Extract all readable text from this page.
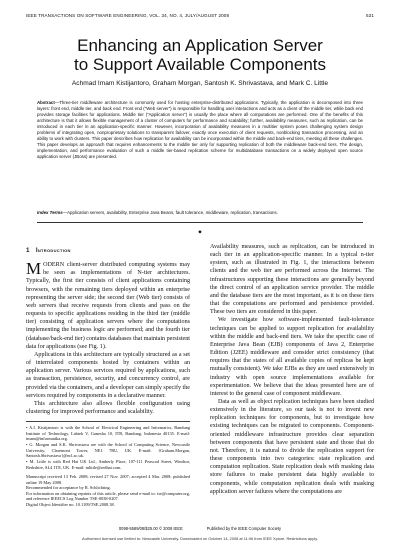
IEEE TRANSACTIONS ON SOFTWARE ENGINEERING, VOL. 34, NO. 4, JULY/AUGUST 2008	531
Enhancing an Application Server
to Support Available Components
Achmad Imam Kistijantoro, Graham Morgan, Santosh K. Shrivastava, and Mark C. Little
Abstract—Three-tier middleware architecture is commonly used for hosting enterprise-distributed applications. Typically, the application is decomposed into three layers: front end, middle tier, and back end. Front end (“Web server”) is responsible for handling user interactions and acts as a client of the middle tier, while back end provides storage facilities for applications. Middle tier (“Application server”) is usually the place where all computations are performed. One of the benefits of this architecture is that it allows flexible management of a cluster of computers for performance and scalability; further, availability measures, such as replication, can be introduced in each tier in an application-specific manner. However, incorporation of availability measures in a multitier system poses challenging system design problems of integrating open, nonproprietary solutions to transparent failover, exactly once execution of client requests, nonblocking transaction processing, and an ability to work with clusters. This paper describes how replication for availability can be incorporated within the middle and back-end tiers, meeting all these challenges. This paper develops an approach that requires enhancements to the middle tier only for supporting replication of both the middleware back-end tiers. The design, implementation, and performance evaluation of such a middle tier-based replication scheme for multidatabase transactions on a widely deployed open source application server (JBoss) are presented.
Index Terms—Application servers, availability, Enterprise Java Beans, fault tolerance, middleware, replication, transactions.
◆
1 Introduction

MODERN client-server distributed computing systems may be seen as implementations of N-tier architectures. Typically, the first tier consists of client applications containing browsers, with the remaining tiers deployed within an enterprise representing the server side; the second tier (Web tier) consists of web servers that receive requests from clients and pass on the requests to specific applications residing in the third tier (middle tier) consisting of application servers where the computations implementing the business logic are performed; and the fourth tier (database/back-end tier) contains databases that maintain persistent data for applications (see Fig. 1).

Applications in this architecture are typically structured as a set of interrelated components hosted by containers within an application server. Various services required by applications, such as transaction, persistence, security, and concurrency control, are provided via the containers, and a developer can simply specify the services required by components in a declarative manner.

This architecture also allows flexible configuration using clustering for improved performance and scalability.

• A.I. Kistijantoro is with the School of Electrical Engineering and Informatics, Bandung Institute of Technology, Labtek V, Ganesha 10, ITB, Bandung, Indonesia 40135. E-mail: imam@informatika.org.
• G. Morgan and S.K. Shrivastava are with the School of Computing Science, Newcastle University, Claremont Tower, NE1 7RU, UK. E-mail: {Graham.Morgan, Santosh.Shrivastava}@ncl.ac.uk.
• M. Little is with Red Hat UK Ltd., Amberly Place, 107-111 Peascod Street, Windsor, Berkshire, SL4 1TE, UK. E-mail: mlittle@redhat.com.
Manuscript received 13 Feb. 2008; revised 27 Nov. 2007; accepted 4 Mar. 2008; published online 19 May 2008.
Recommended for acceptance by R. Schlichting.
For information on obtaining reprints of this article, please send e-mail to: tse@computer.org, and reference IEEECS Log Number TSE-0038-0207.
Digital Object Identifier no. 10.1109/TSE.2008.38.

Availability measures, such as replication, can be introduced in each tier in an application-specific manner. In a typical n-tier system, such as illustrated in Fig. 1, the interactions between clients and the web tier are performed across the Internet. The infrastructures supporting these interactions are generally beyond the direct control of an application service provider. The middle and the database tiers are the most important, as it is on these tiers that the computations are performed and persistence provided. These two tiers are considered in this paper.

We investigate how software-implemented fault-tolerance techniques can be applied to support replication for availability within the middle and back-end tiers. We take the specific case of Enterprise Java Bean (EJB) components of Java 2, Enterprise Edition (J2EE) middleware and consider strict consistency (that requires that the states of all available copies of replicas be kept mutually consistent). We take EJBs as they are used extensively in industry with open source implementations available for experimentation. We believe that the ideas presented here are of interest to the general case of component middleware.

Data as well as object replication techniques have been studied extensively in the literature, so our task is not to invent new replication techniques for components, but to investigate how existing techniques can be migrated to components. Component-oriented middleware infrastructure provides clear separation between components that have persistent state and those that do not. Therefore, it is natural to divide the replication support for these components into two categories: state replication and computation replication. State replication deals with masking data store failures to make persistent data highly available to components, while computation replication deals with masking application server failures where the computations are

0098-5589/08/$25.00 © 2008 IEEE	Published by the IEEE Computer Society
Authorized licensed use limited to: Newcastle University. Downloaded on October 14, 2008 at 11:06 from IEEE Xplore. Restrictions apply.
